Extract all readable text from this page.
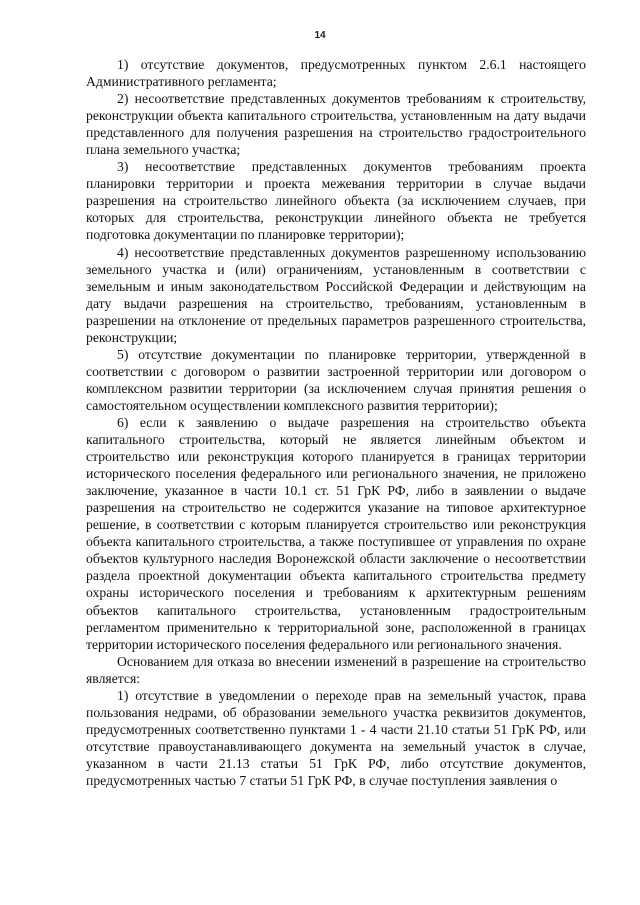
14

1) отсутствие документов, предусмотренных пунктом 2.6.1 настоящего Административного регламента;

2) несоответствие представленных документов требованиям к строительству, реконструкции объекта капитального строительства, установленным на дату выдачи представленного для получения разрешения на строительство градостроительного плана земельного участка;

3) несоответствие представленных документов требованиям проекта планировки территории и проекта межевания территории в случае выдачи разрешения на строительство линейного объекта (за исключением случаев, при которых для строительства, реконструкции линейного объекта не требуется подготовка документации по планировке территории);

4) несоответствие представленных документов разрешенному использованию земельного участка и (или) ограничениям, установленным в соответствии с земельным и иным законодательством Российской Федерации и действующим на дату выдачи разрешения на строительство, требованиям, установленным в разрешении на отклонение от предельных параметров разрешенного строительства, реконструкции;

5) отсутствие документации по планировке территории, утвержденной в соответствии с договором о развитии застроенной территории или договором о комплексном развитии территории (за исключением случая принятия решения о самостоятельном осуществлении комплексного развития территории);

6) если к заявлению о выдаче разрешения на строительство объекта капитального строительства, который не является линейным объектом и строительство или реконструкция которого планируется в границах территории исторического поселения федерального или регионального значения, не приложено заключение, указанное в части 10.1 ст. 51 ГрК РФ, либо в заявлении о выдаче разрешения на строительство не содержится указание на типовое архитектурное решение, в соответствии с которым планируется строительство или реконструкция объекта капитального строительства, а также поступившее от управления по охране объектов культурного наследия Воронежской области заключение о несоответствии раздела проектной документации объекта капитального строительства предмету охраны исторического поселения и требованиям к архитектурным решениям объектов капитального строительства, установленным градостроительным регламентом применительно к территориальной зоне, расположенной в границах территории исторического поселения федерального или регионального значения.

Основанием для отказа во внесении изменений в разрешение на строительство является:

1) отсутствие в уведомлении о переходе прав на земельный участок, права пользования недрами, об образовании земельного участка реквизитов документов, предусмотренных соответственно пунктами 1 - 4 части 21.10 статьи 51 ГрК РФ, или отсутствие правоустанавливающего документа на земельный участок в случае, указанном в части 21.13 статьи 51 ГрК РФ, либо отсутствие документов, предусмотренных частью 7 статьи 51 ГрК РФ, в случае поступления заявления о
